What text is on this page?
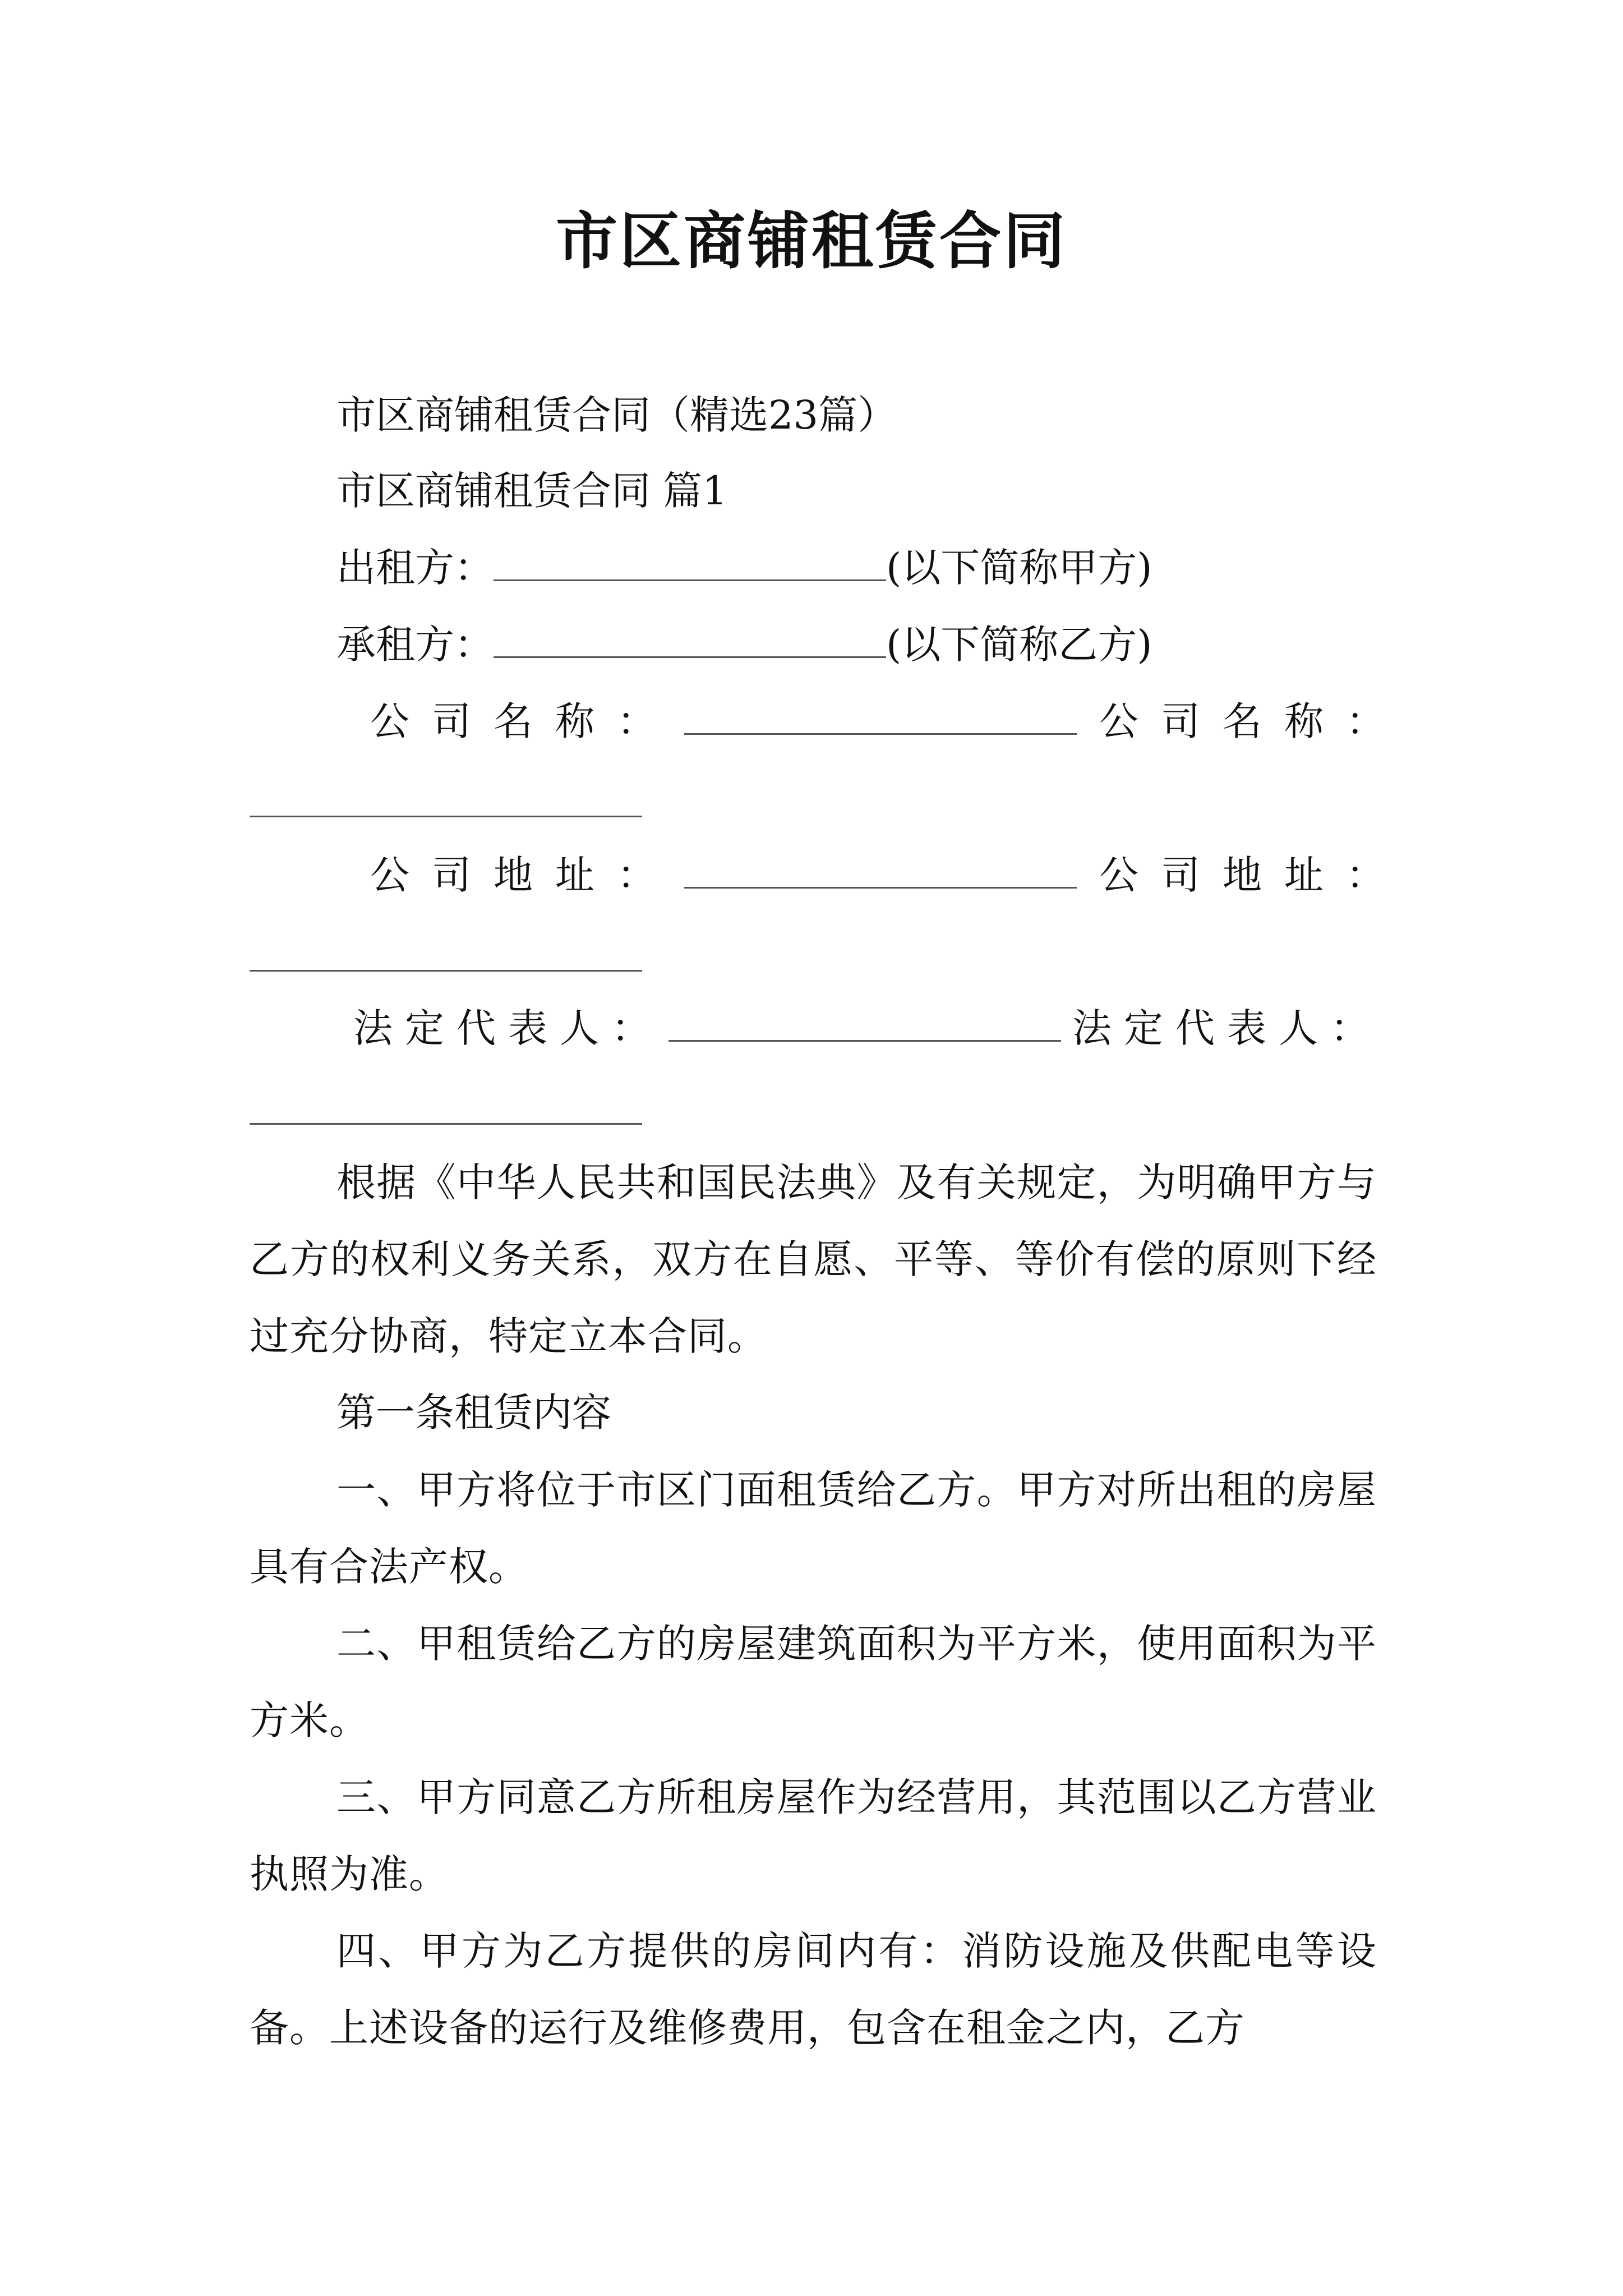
市区商铺租赁合同
市区商铺租赁合同（精选23篇）
市区商铺租赁合同 篇1
出租方：	(以下简称甲方)
承租方：	(以下简称乙方)
公司名称：	公司名称：
公司地址：	公司地址：
法定代表人：	法定代表人：
根据《中华人民共和国民法典》及有关规定，为明确甲方与乙方的权利义务关系，双方在自愿、平等、等价有偿的原则下经过充分协商，特定立本合同。
第一条租赁内容
一、甲方将位于市区门面租赁给乙方。甲方对所出租的房屋具有合法产权。
二、甲租赁给乙方的房屋建筑面积为平方米，使用面积为平方米。
三、甲方同意乙方所租房屋作为经营用，其范围以乙方营业执照为准。
四、甲方为乙方提供的房间内有：消防设施及供配电等设备。上述设备的运行及维修费用，包含在租金之内，乙方
